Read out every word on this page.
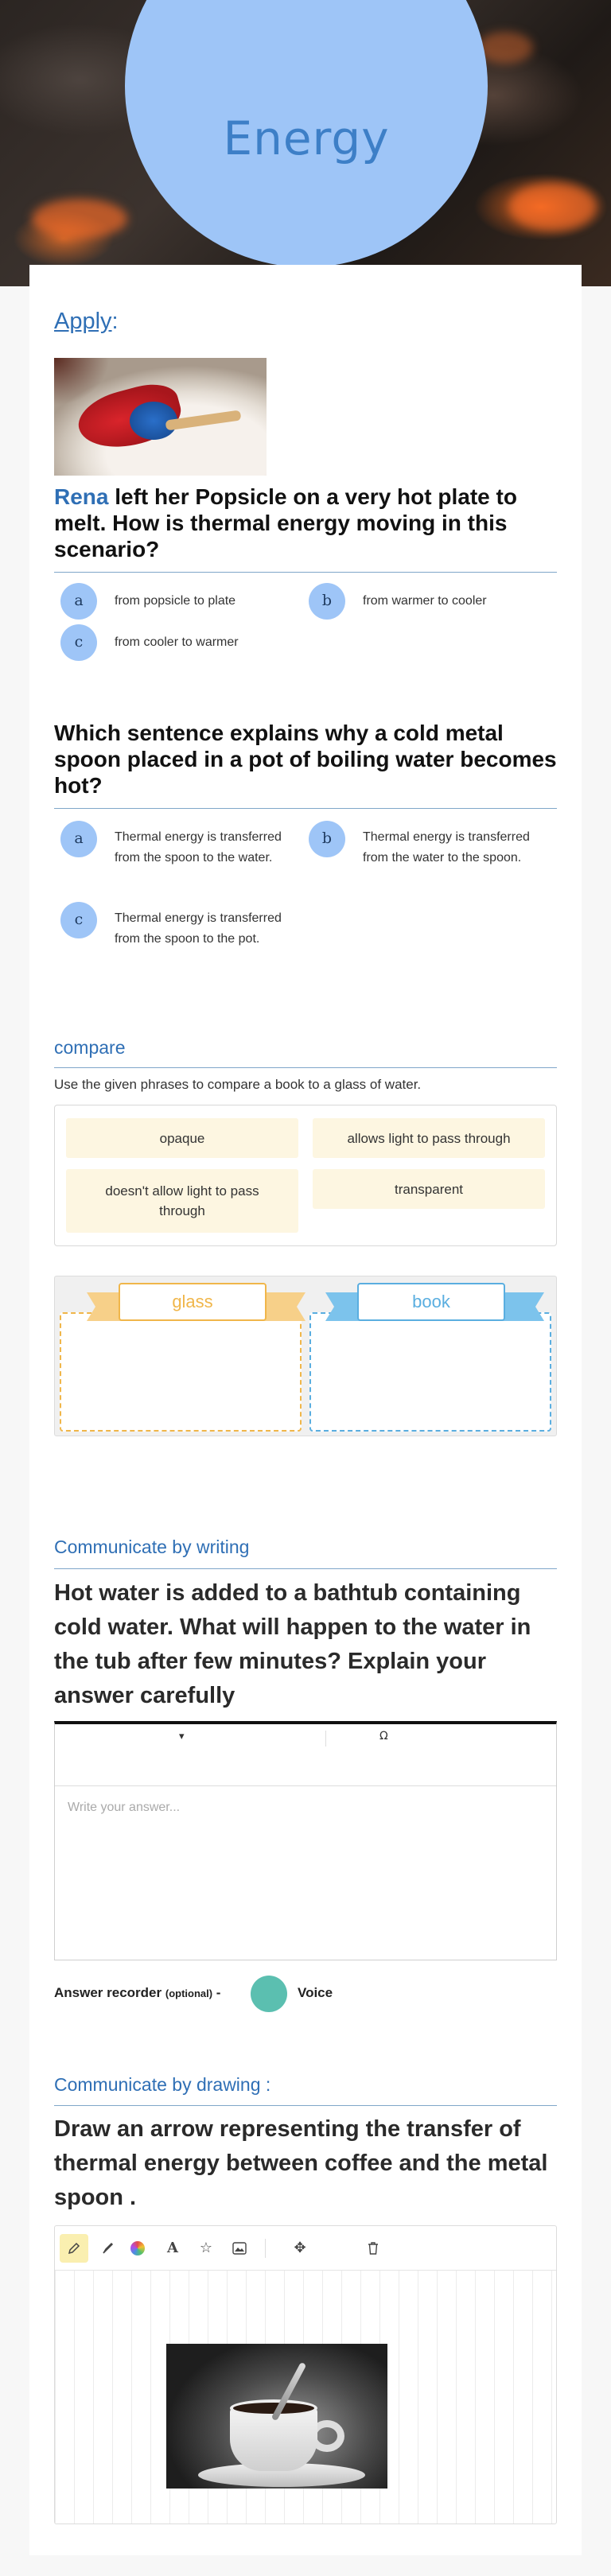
Energy
Apply:
Rena left her Popsicle on a very hot plate to melt. How is thermal energy moving in this scenario?
a	from popsicle to plate	b	from warmer to cooler
c	from cooler to warmer
Which sentence explains why a cold metal spoon placed in a pot of boiling water becomes hot?
a	Thermal energy is transferred from the spoon to the water.
b	Thermal energy is transferred from the water to the spoon.
c	Thermal energy is transferred from the spoon to the pot.
compare
Use the given phrases to compare a book to a glass of water.
opaque	allows light to pass through
doesn't allow light to pass through
transparent
glass	book
Communicate by writing
Hot water is added to a bathtub containing cold water. What will happen to the water in the tub after few minutes? Explain your answer carefully
▾	Ω
Write your answer...
Answer recorder (optional) -	Voice
Communicate by drawing :
Draw an arrow representing the transfer of thermal energy between coffee and the metal spoon .
A	☆	✥
